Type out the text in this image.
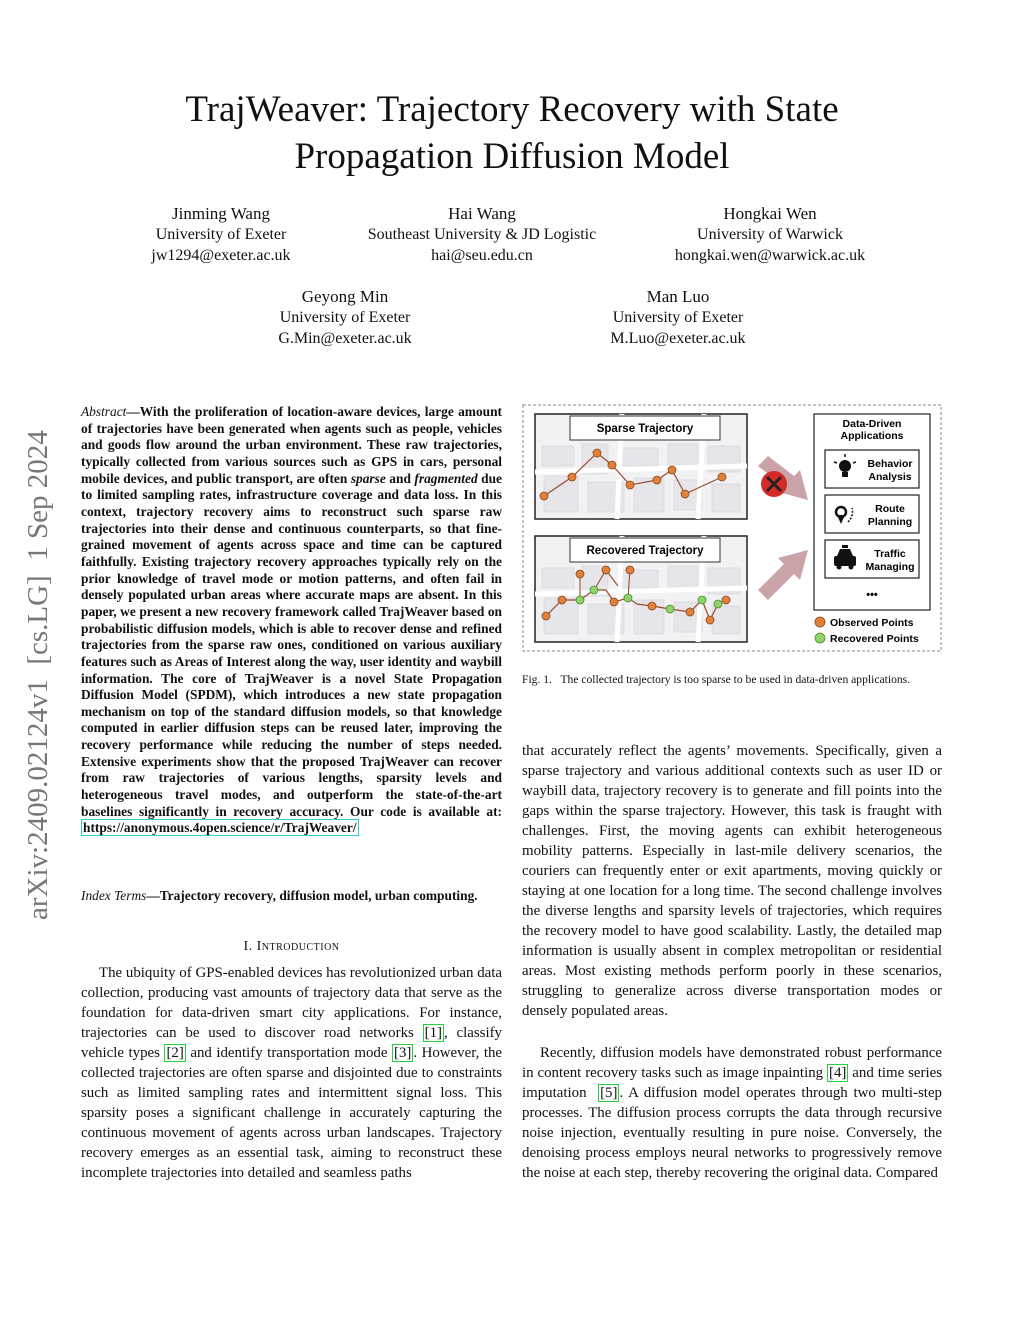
TrajWeaver: Trajectory Recovery with State
Propagation Diffusion Model
Jinming Wang
University of Exeter
jw1294@exeter.ac.uk
Hai Wang
Southeast University & JD Logistic
hai@seu.edu.cn
Hongkai Wen
University of Warwick
hongkai.wen@warwick.ac.uk
Geyong Min
University of Exeter
G.Min@exeter.ac.uk
Man Luo
University of Exeter
M.Luo@exeter.ac.uk
arXiv:2409.02124v1  [cs.LG]  1 Sep 2024
Abstract—With the proliferation of location-aware devices, large amount of trajectories have been generated when agents such as people, vehicles and goods flow around the urban environment. These raw trajectories, typically collected from various sources such as GPS in cars, personal mobile devices, and public transport, are often sparse and fragmented due to limited sampling rates, infrastructure coverage and data loss. In this context, trajectory recovery aims to reconstruct such sparse raw trajectories into their dense and continuous counterparts, so that fine-grained movement of agents across space and time can be captured faithfully. Existing trajectory recovery approaches typically rely on the prior knowledge of travel mode or motion patterns, and often fail in densely populated urban areas where accurate maps are absent. In this paper, we present a new recovery framework called TrajWeaver based on probabilistic diffusion models, which is able to recover dense and refined trajectories from the sparse raw ones, conditioned on various auxiliary features such as Areas of Interest along the way, user identity and waybill information. The core of TrajWeaver is a novel State Propagation Diffusion Model (SPDM), which introduces a new state propagation mechanism on top of the standard diffusion models, so that knowledge computed in earlier diffusion steps can be reused later, improving the recovery performance while reducing the number of steps needed. Extensive experiments show that the proposed TrajWeaver can recover from raw trajectories of various lengths, sparsity levels and heterogeneous travel modes, and outperform the state-of-the-art baselines significantly in recovery accuracy. Our code is available at: https://anonymous.4open.science/r/TrajWeaver/
Index Terms—Trajectory recovery, diffusion model, urban computing.
I. Introduction

The ubiquity of GPS-enabled devices has revolutionized urban data collection, producing vast amounts of trajectory data that serve as the foundation for data-driven smart city applications. For instance, trajectories can be used to discover road networks [1] , classify vehicle types [2] and identify transportation mode [3] . However, the collected trajectories are often sparse and disjointed due to constraints such as limited sampling rates and intermittent signal loss. This sparsity poses a significant challenge in accurately capturing the continuous movement of agents across urban landscapes. Trajectory recovery emerges as an essential task, aiming to reconstruct these incomplete trajectories into detailed and seamless paths

Sparse Trajectory
Recovered Trajectory
Data-Driven
Applications
Behavior
Analysis
Route
Planning
Traffic
Managing
•••
Observed Points
Recovered Points
Fig. 1.   The collected trajectory is too sparse to be used in data-driven applications.

that accurately reflect the agents’ movements. Specifically, given a sparse trajectory and various additional contexts such as user ID or waybill data, trajectory recovery is to generate and fill points into the gaps within the sparse trajectory. However, this task is fraught with challenges. First, the moving agents can exhibit heterogeneous mobility patterns. Especially in last-mile delivery scenarios, the couriers can frequently enter or exit apartments, moving quickly or staying at one location for a long time. The second challenge involves the diverse lengths and sparsity levels of trajectories, which requires the recovery model to have good scalability. Lastly, the detailed map information is usually absent in complex metropolitan or residential areas. Most existing methods perform poorly in these scenarios, struggling to generalize across diverse transportation modes or densely populated areas.

Recently, diffusion models have demonstrated robust performance in content recovery tasks such as image inpainting [4] and time series imputation  [5] . A diffusion model operates through two multi-step processes. The diffusion process corrupts the data through recursive noise injection, eventually resulting in pure noise. Conversely, the denoising process employs neural networks to progressively remove the noise at each step, thereby recovering the original data. Compared
